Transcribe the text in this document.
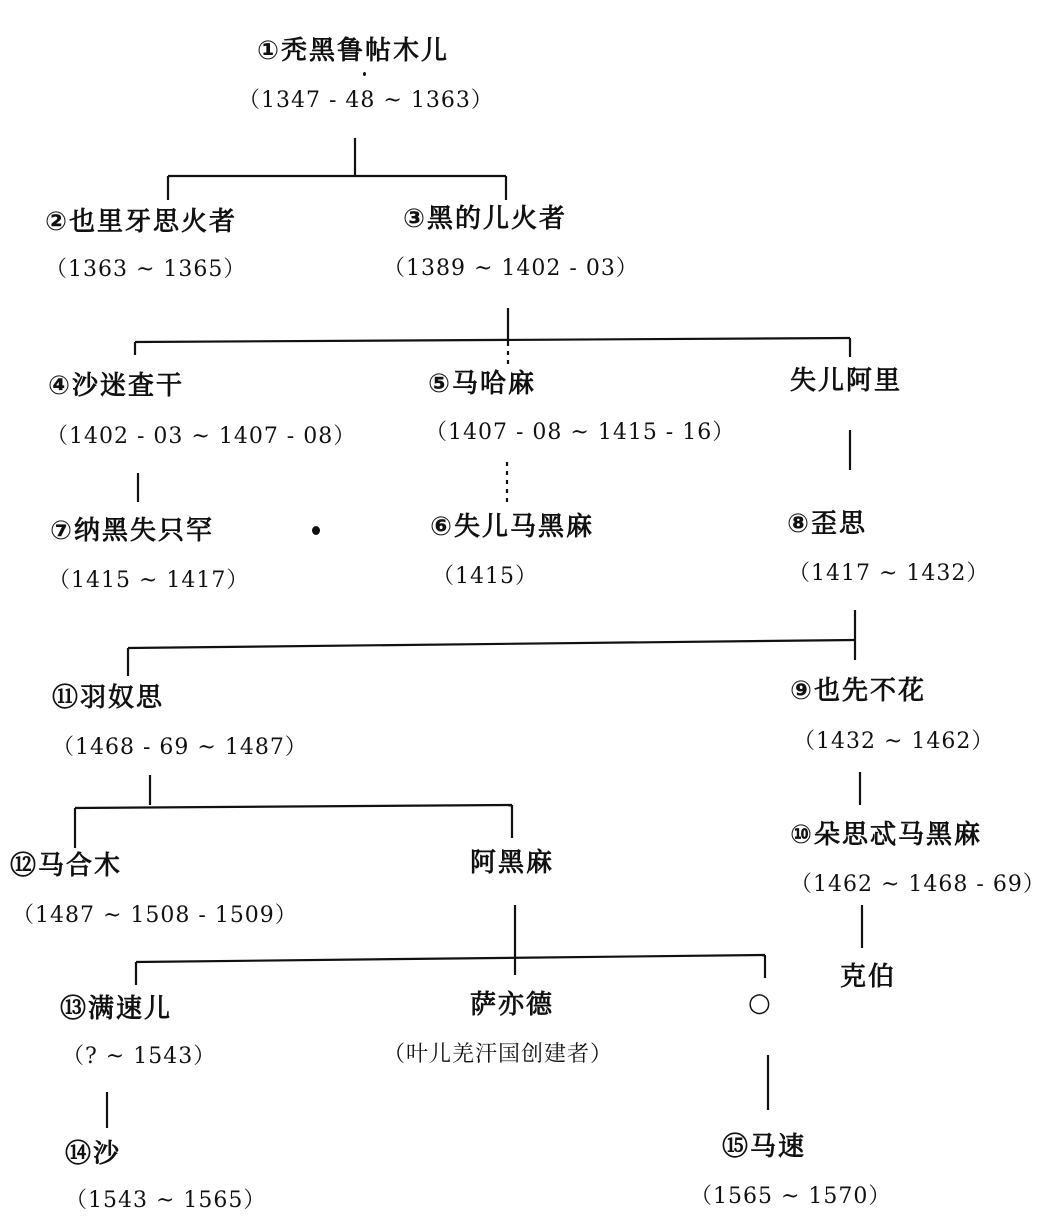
①秃黑鲁帖木儿
（1347 - 48 ~ 1363）
②也里牙思火者
（1363 ~ 1365）
③黑的儿火者
（1389 ~ 1402 - 03）
④沙迷査干
（1402 - 03 ~ 1407 - 08）
⑤马哈麻
（1407 - 08 ~ 1415 - 16）
失儿阿里
⑦纳黑失只罕
（1415 ~ 1417）
⑥失儿马黑麻
（1415）
⑧歪思
（1417 ~ 1432）
⑪羽奴思
（1468 - 69 ~ 1487）
⑨也先不花
（1432 ~ 1462）
⑩朵思忒马黑麻
（1462 ~ 1468 - 69）
克伯
⑫马合木
（1487 ~ 1508 - 1509）
阿黑麻
⑬满速儿
（? ~ 1543）
萨亦德
（叶儿羌汗国创建者）
○
⑭沙
（1543 ~ 1565）
⑮马速
（1565 ~ 1570）
